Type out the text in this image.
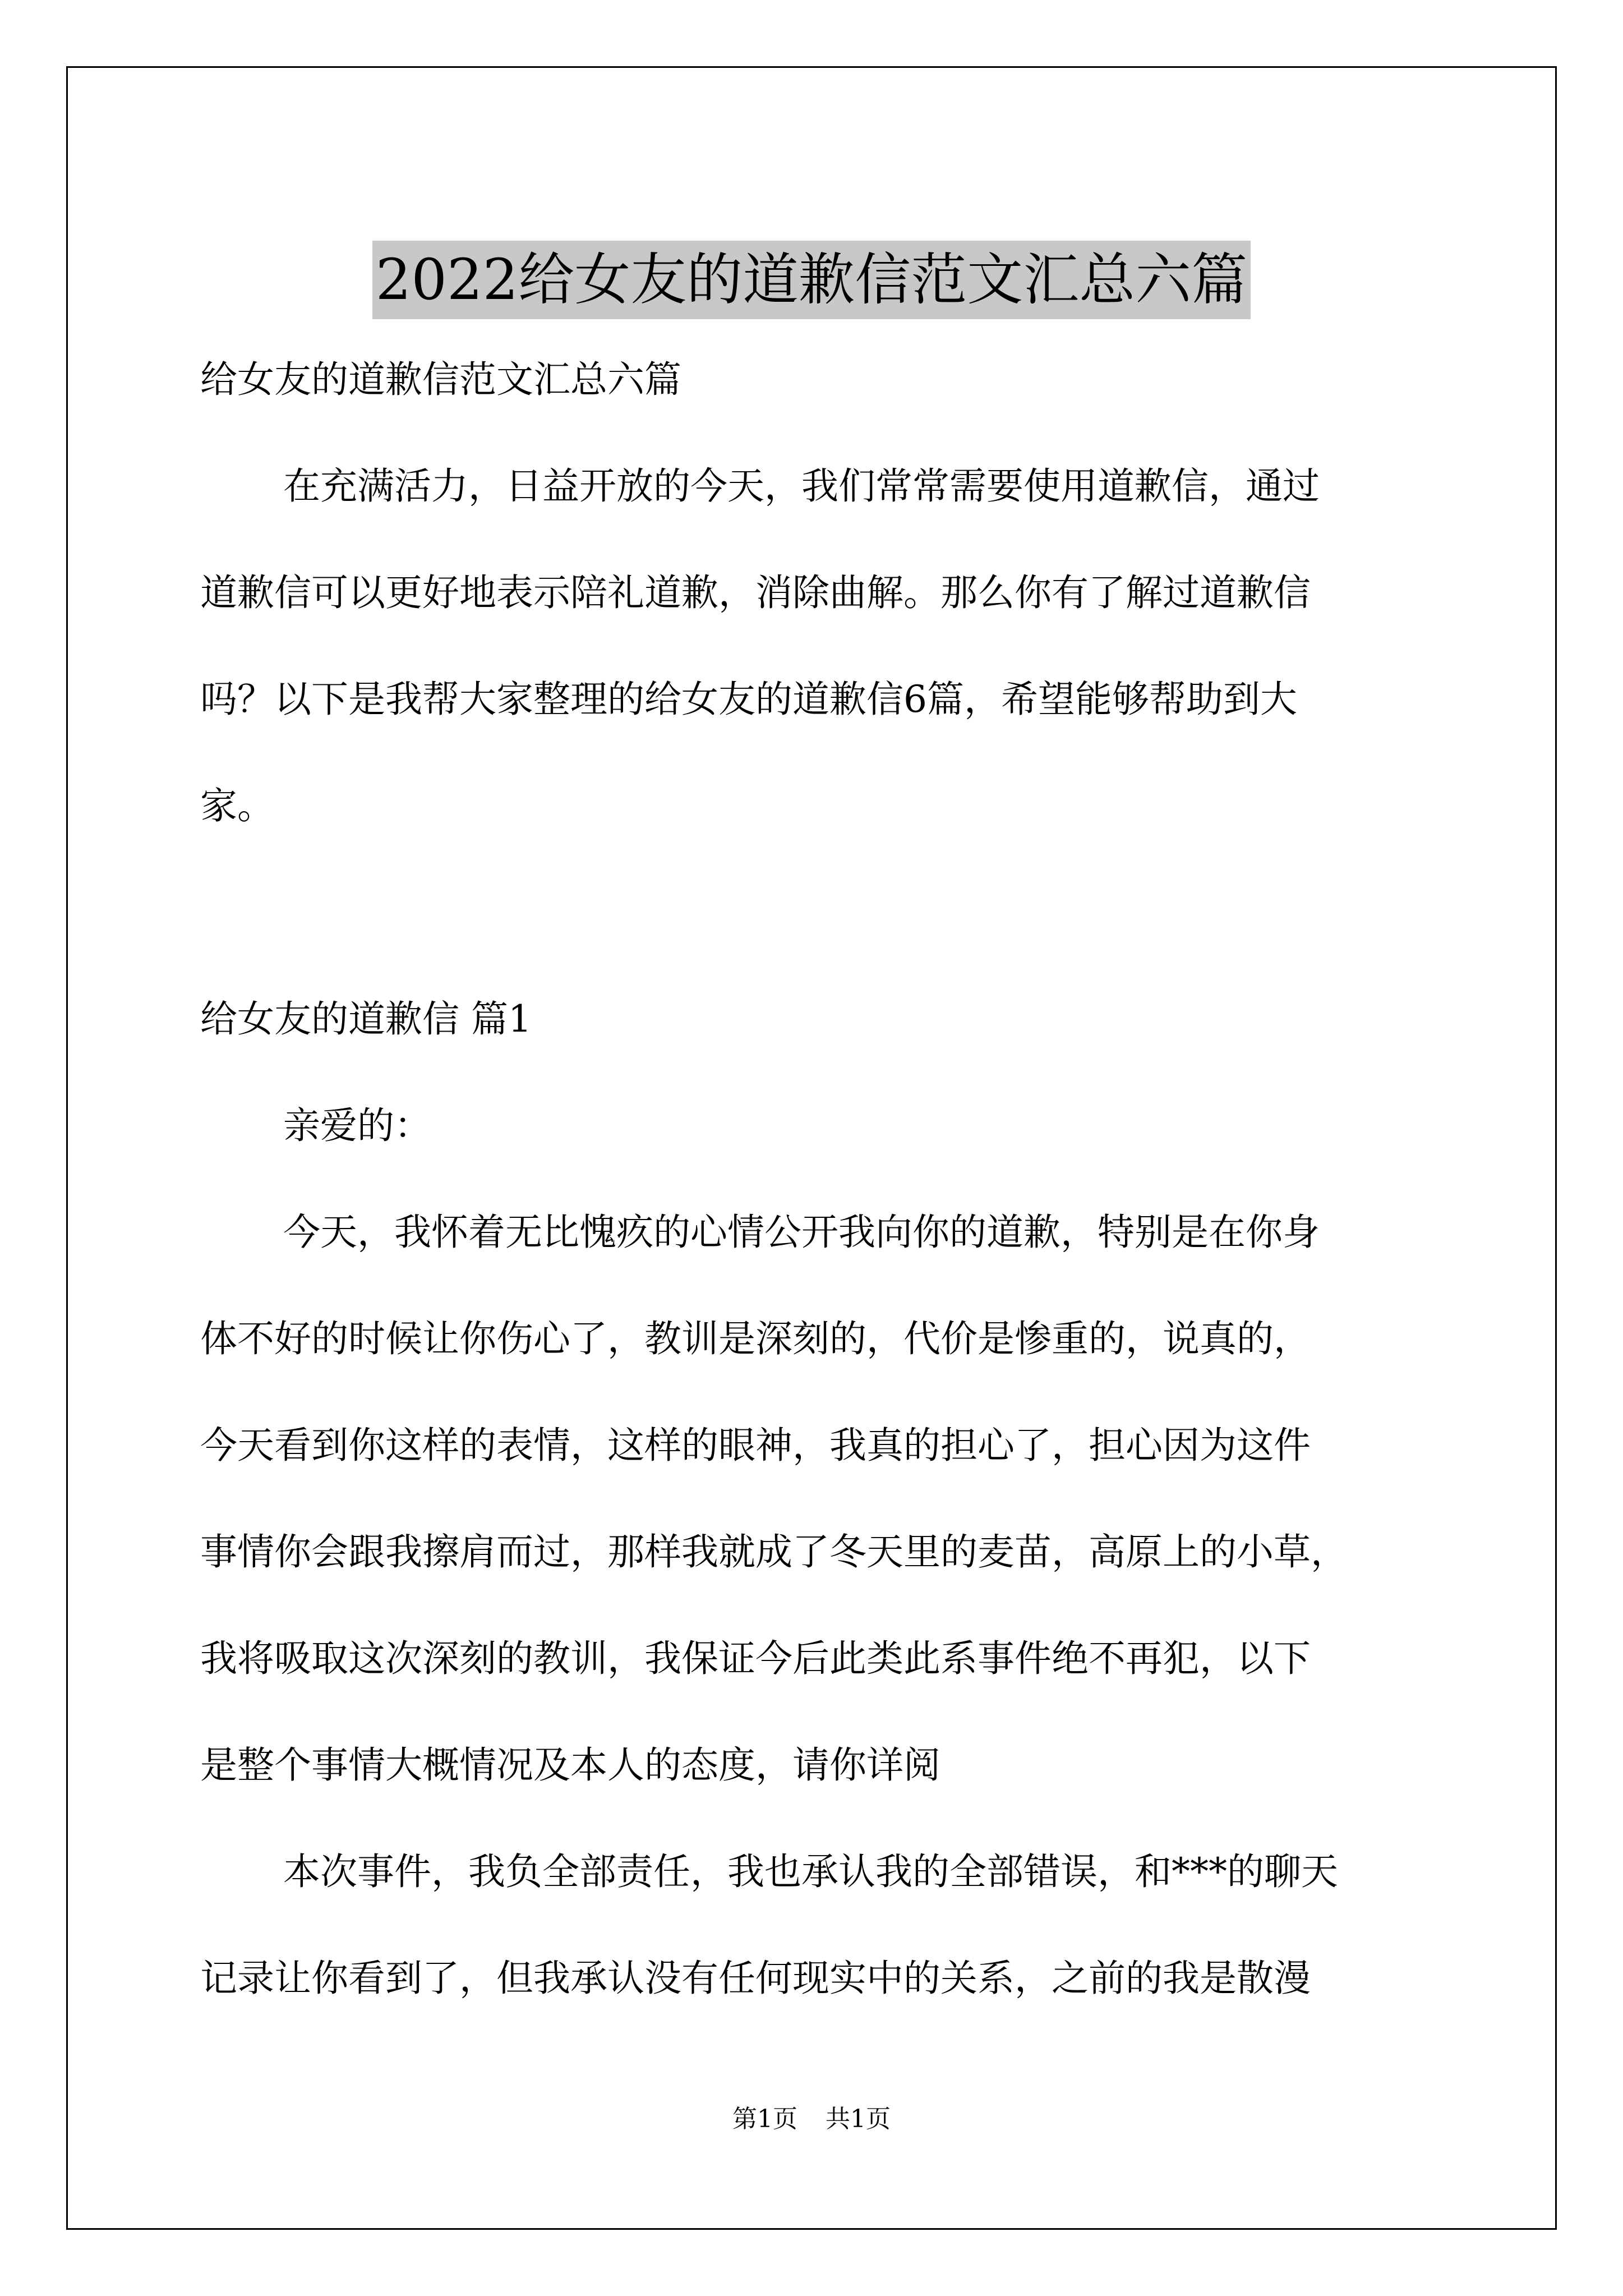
2022给女友的道歉信范文汇总六篇

给女友的道歉信范文汇总六篇

在充满活力，日益开放的今天，我们常常需要使用道歉信，通过

道歉信可以更好地表示陪礼道歉，消除曲解。那么你有了解过道歉信

吗？以下是我帮大家整理的给女友的道歉信6篇，希望能够帮助到大

家。

给女友的道歉信 篇1

亲爱的：

今天，我怀着无比愧疚的心情公开我向你的道歉，特别是在你身

体不好的时候让你伤心了，教训是深刻的，代价是惨重的，说真的，

今天看到你这样的表情，这样的眼神，我真的担心了，担心因为这件

事情你会跟我擦肩而过，那样我就成了冬天里的麦苗，高原上的小草，

我将吸取这次深刻的教训，我保证今后此类此系事件绝不再犯，以下

是整个事情大概情况及本人的态度，请你详阅

本次事件，我负全部责任，我也承认我的全部错误，和***的聊天

记录让你看到了，但我承认没有任何现实中的关系，之前的我是散漫

第1页 共1页
